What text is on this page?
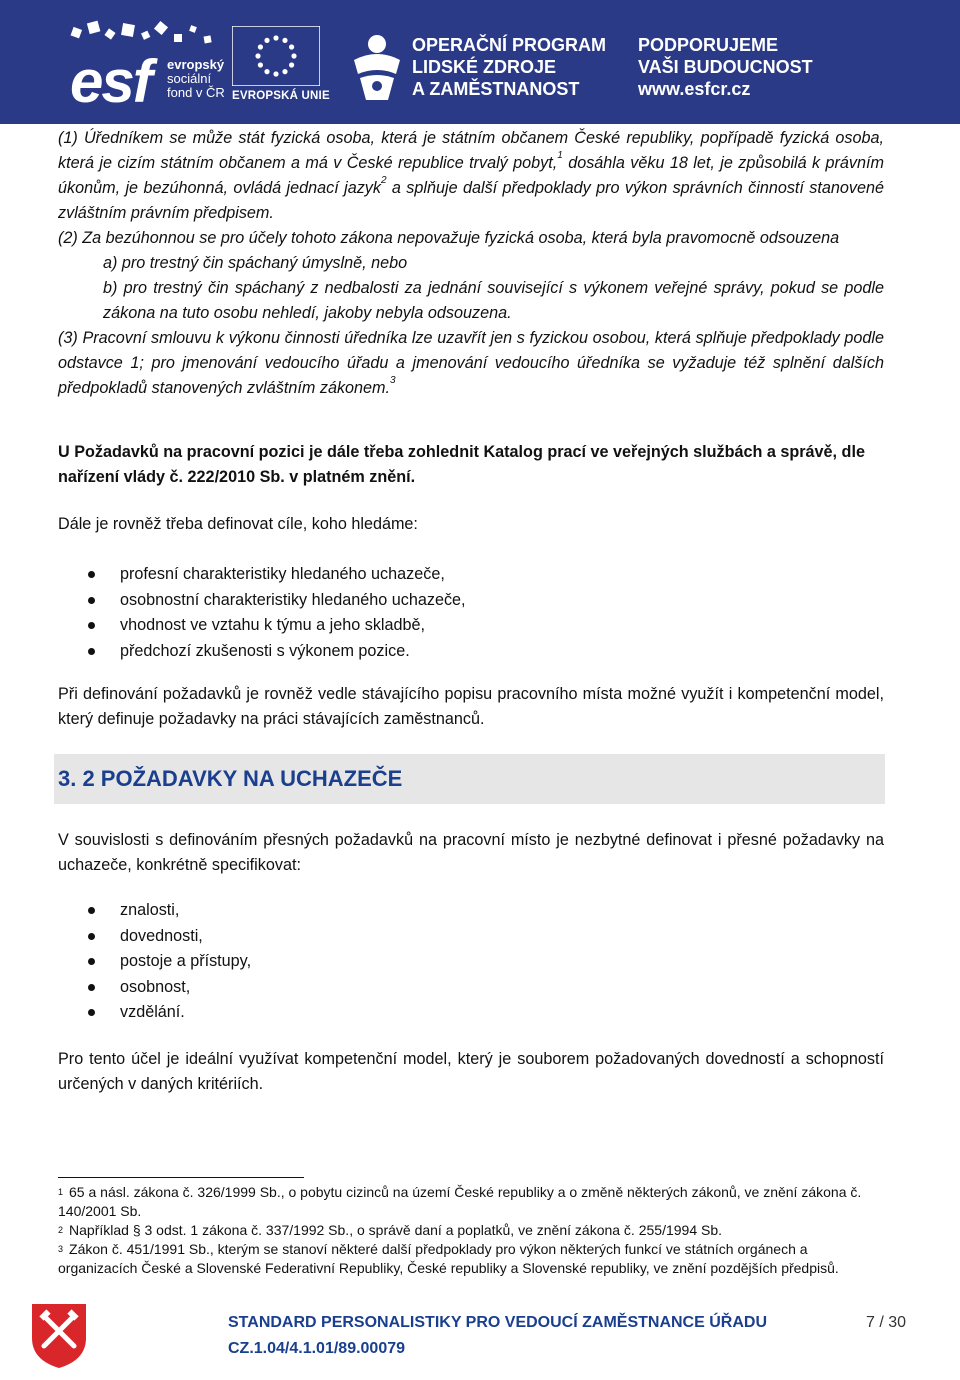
esf evropský
sociální
fond v ČR EVROPSKÁ UNIE
OPERAČNÍ PROGRAM
LIDSKÉ ZDROJE
A ZAMĚSTNANOST
PODPORUJEME
VAŠI BUDOUCNOST
www.esfcr.cz

(1) Úředníkem se může stát fyzická osoba, která je státním občanem České republiky, popřípadě fyzická osoba, která je cizím státním občanem a má v České republice trvalý pobyt,$^1$ dosáhla věku 18 let, je způsobilá k právním úkonům, je bezúhonná, ovládá jednací jazyk$^2$ a splňuje další předpoklady pro výkon správních činností stanovené zvláštním právním předpisem.

(2) Za bezúhonnou se pro účely tohoto zákona nepovažuje fyzická osoba, která byla pravomocně odsouzena

a) pro trestný čin spáchaný úmyslně, nebo

b) pro trestný čin spáchaný z nedbalosti za jednání související s výkonem veřejné správy, pokud se podle zákona na tuto osobu nehledí, jakoby nebyla odsouzena.

(3) Pracovní smlouvu k výkonu činnosti úředníka lze uzavřít jen s fyzickou osobou, která splňuje předpoklady podle odstavce 1; pro jmenování vedoucího úřadu a jmenování vedoucího úředníka se vyžaduje též splnění dalších předpokladů stanovených zvláštním zákonem.$^3$

U Požadavků na pracovní pozici je dále třeba zohlednit Katalog prací ve veřejných službách a správě, dle nařízení vlády č. 222/2010 Sb. v platném znění.
Dále je rovněž třeba definovat cíle, koho hledáme:
profesní charakteristiky hledaného uchazeče,
osobnostní charakteristiky hledaného uchazeče,
vhodnost ve vztahu k týmu a jeho skladbě,
předchozí zkušenosti s výkonem pozice.
Při definování požadavků je rovněž vedle stávajícího popisu pracovního místa možné využít i kompetenční model, který definuje požadavky na práci stávajících zaměstnanců.
3. 2 POŽADAVKY NA UCHAZEČE
V souvislosti s definováním přesných požadavků na pracovní místo je nezbytné definovat i přesné požadavky na uchazeče, konkrétně specifikovat:
znalosti,
dovednosti,
postoje a přístupy,
osobnost,
vzdělání.
Pro tento účel je ideální využívat kompetenční model, který je souborem požadovaných dovedností a schopností určených v daných kritériích.

$^1$ 65 a násl. zákona č. 326/1999 Sb., o pobytu cizinců na území České republiky a o změně některých zákonů, ve znění zákona č. 140/2001 Sb.

$^2$ Například § 3 odst. 1 zákona č. 337/1992 Sb., o správě daní a poplatků, ve znění zákona č. 255/1994 Sb.

$^3$ Zákon č. 451/1991 Sb., kterým se stanoví některé další předpoklady pro výkon některých funkcí ve státních orgánech a organizacích České a Slovenské Federativní Republiky, České republiky a Slovenské republiky, ve znění pozdějších předpisů.

STANDARD PERSONALISTIKY PRO VEDOUCÍ ZAMĚSTNANCE ÚŘADU
CZ.1.04/4.1.01/89.00079
7 / 30
